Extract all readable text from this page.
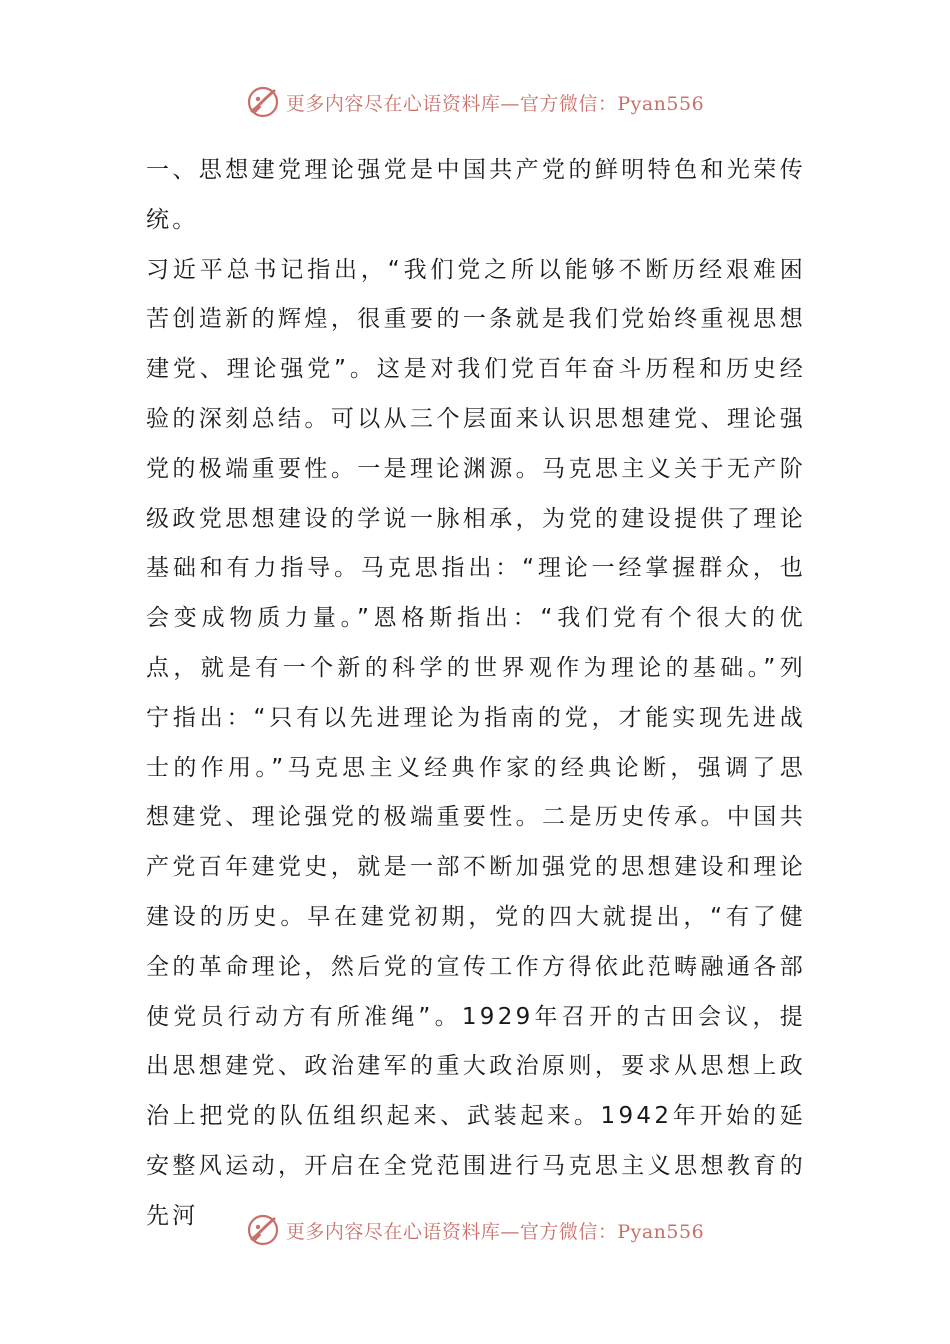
更多内容尽在心语资料库—官方微信：Pyan556

一、思想建党理论强党是中国共产党的鲜明特色和光荣传统。

习近平总书记指出，“我们党之所以能够不断历经艰难困苦创造新的辉煌，很重要的一条就是我们党始终重视思想建党、理论强党”。这是对我们党百年奋斗历程和历史经验的深刻总结。可以从三个层面来认识思想建党、理论强党的极端重要性。一是理论渊源。马克思主义关于无产阶级政党思想建设的学说一脉相承，为党的建设提供了理论基础和有力指导。马克思指出：“理论一经掌握群众，也会变成物质力量。”恩格斯指出：“我们党有个很大的优点，就是有一个新的科学的世界观作为理论的基础。”列宁指出：“只有以先进理论为指南的党，才能实现先进战士的作用。”马克思主义经典作家的经典论断，强调了思想建党、理论强党的极端重要性。二是历史传承。中国共产党百年建党史，就是一部不断加强党的思想建设和理论建设的历史。早在建党初期，党的四大就提出，“有了健全的革命理论，然后党的宣传工作方得依此范畴融通各部使党员行动方有所准绳”。1929年召开的古田会议，提出思想建党、政治建军的重大政治原则，要求从思想上政治上把党的队伍组织起来、武装起来。1942年开始的延安整风运动，开启在全党范围进行马克思主义思想教育的先河

更多内容尽在心语资料库—官方微信：Pyan556
